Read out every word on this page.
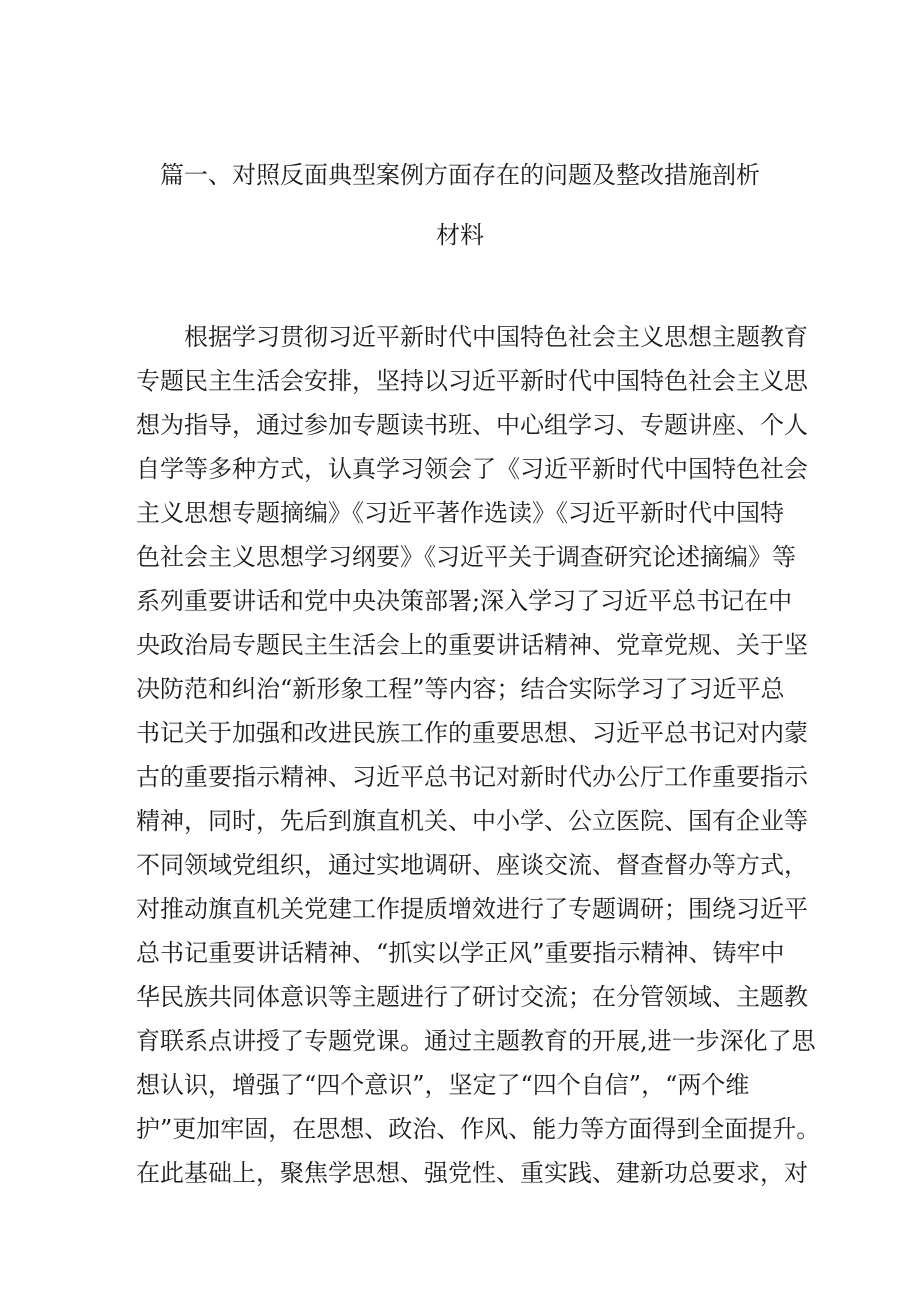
篇一、对照反面典型案例方面存在的问题及整改措施剖析
材料
　　根据学习贯彻习近平新时代中国特色社会主义思想主题教育
专题民主生活会安排，坚持以习近平新时代中国特色社会主义思
想为指导，通过参加专题读书班、中心组学习、专题讲座、个人
自学等多种方式，认真学习领会了《习近平新时代中国特色社会
主义思想专题摘编》《习近平著作选读》《习近平新时代中国特
色社会主义思想学习纲要》《习近平关于调查研究论述摘编》等
系列重要讲话和党中央决策部署;深入学习了习近平总书记在中
央政治局专题民主生活会上的重要讲话精神、党章党规、关于坚
决防范和纠治“新形象工程”等内容；结合实际学习了习近平总
书记关于加强和改进民族工作的重要思想、习近平总书记对内蒙
古的重要指示精神、习近平总书记对新时代办公厅工作重要指示
精神，同时，先后到旗直机关、中小学、公立医院、国有企业等
不同领域党组织，通过实地调研、座谈交流、督查督办等方式，
对推动旗直机关党建工作提质增效进行了专题调研；围绕习近平
总书记重要讲话精神、“抓实以学正风”重要指示精神、铸牢中
华民族共同体意识等主题进行了研讨交流；在分管领域、主题教
育联系点讲授了专题党课。通过主题教育的开展,进一步深化了思
想认识，增强了“四个意识”，坚定了“四个自信”，“两个维
护”更加牢固，在思想、政治、作风、能力等方面得到全面提升。
在此基础上，聚焦学思想、强党性、重实践、建新功总要求，对
